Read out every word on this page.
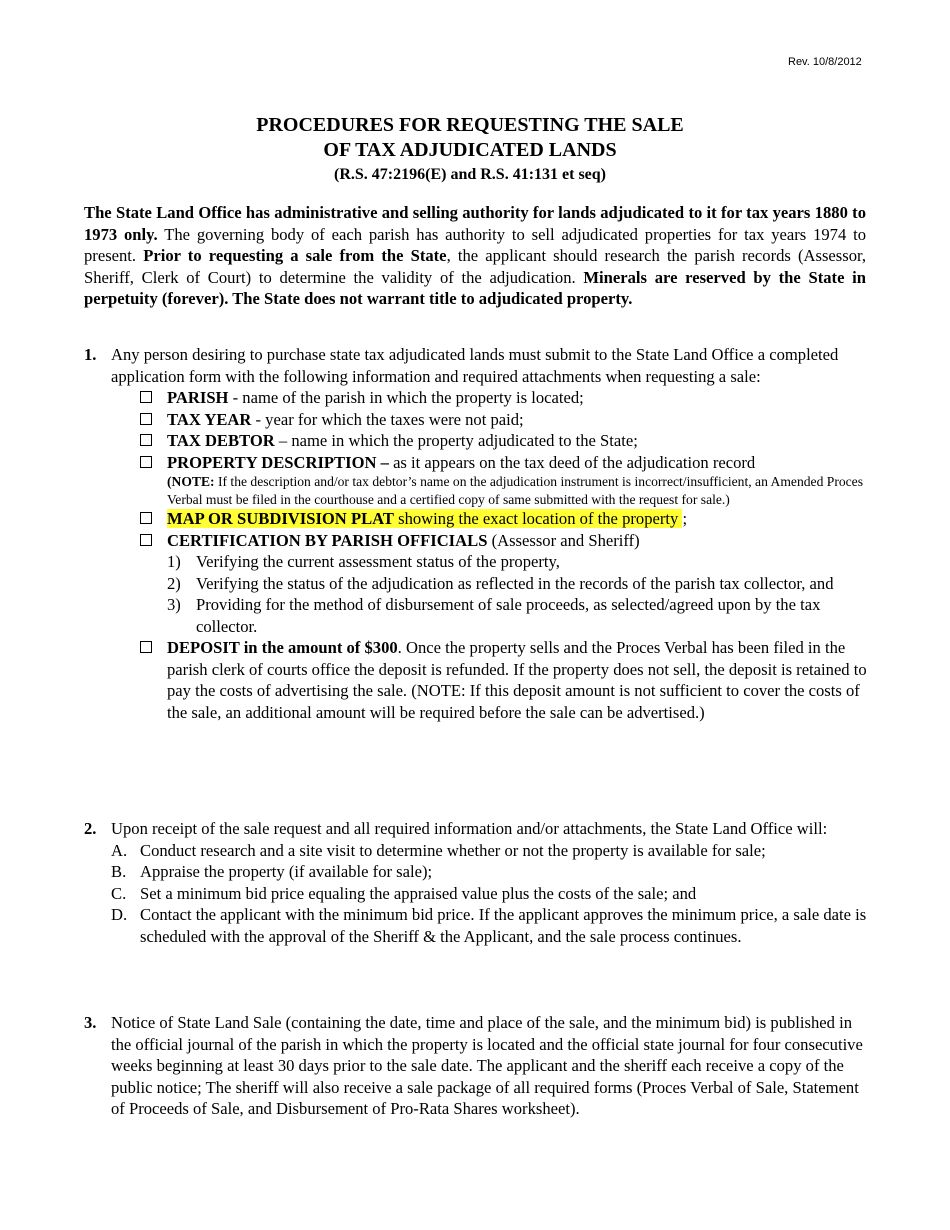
Rev. 10/8/2012
PROCEDURES FOR REQUESTING THE SALE
OF TAX ADJUDICATED LANDS
(R.S. 47:2196(E) and R.S. 41:131 et seq)
The State Land Office has administrative and selling authority for lands adjudicated to it for tax years 1880 to 1973 only. The governing body of each parish has authority to sell adjudicated properties for tax years 1974 to present. Prior to requesting a sale from the State, the applicant should research the parish records (Assessor, Sheriff, Clerk of Court) to determine the validity of the adjudication. Minerals are reserved by the State in perpetuity (forever). The State does not warrant title to adjudicated property.
1. Any person desiring to purchase state tax adjudicated lands must submit to the State Land Office a completed application form with the following information and required attachments when requesting a sale:
PARISH - name of the parish in which the property is located;
TAX YEAR - year for which the taxes were not paid;
TAX DEBTOR – name in which the property adjudicated to the State;
PROPERTY DESCRIPTION – as it appears on the tax deed of the adjudication record
(NOTE: If the description and/or tax debtor’s name on the adjudication instrument is incorrect/insufficient, an Amended Proces Verbal must be filed in the courthouse and a certified copy of same submitted with the request for sale.)
MAP OR SUBDIVISION PLAT showing the exact location of the property ;
CERTIFICATION BY PARISH OFFICIALS (Assessor and Sheriff)
1) Verifying the current assessment status of the property,
2) Verifying the status of the adjudication as reflected in the records of the parish tax collector, and
3) Providing for the method of disbursement of sale proceeds, as selected/agreed upon by the tax collector.
DEPOSIT in the amount of $300. Once the property sells and the Proces Verbal has been filed in the parish clerk of courts office the deposit is refunded. If the property does not sell, the deposit is retained to pay the costs of advertising the sale. (NOTE: If this deposit amount is not sufficient to cover the costs of the sale, an additional amount will be required before the sale can be advertised.)
2. Upon receipt of the sale request and all required information and/or attachments, the State Land Office will:
A. Conduct research and a site visit to determine whether or not the property is available for sale;
B. Appraise the property (if available for sale);
C. Set a minimum bid price equaling the appraised value plus the costs of the sale; and
D. Contact the applicant with the minimum bid price. If the applicant approves the minimum price, a sale date is scheduled with the approval of the Sheriff & the Applicant, and the sale process continues.
3. Notice of State Land Sale (containing the date, time and place of the sale, and the minimum bid) is published in the official journal of the parish in which the property is located and the official state journal for four consecutive weeks beginning at least 30 days prior to the sale date. The applicant and the sheriff each receive a copy of the public notice; The sheriff will also receive a sale package of all required forms (Proces Verbal of Sale, Statement of Proceeds of Sale, and Disbursement of Pro-Rata Shares worksheet).
